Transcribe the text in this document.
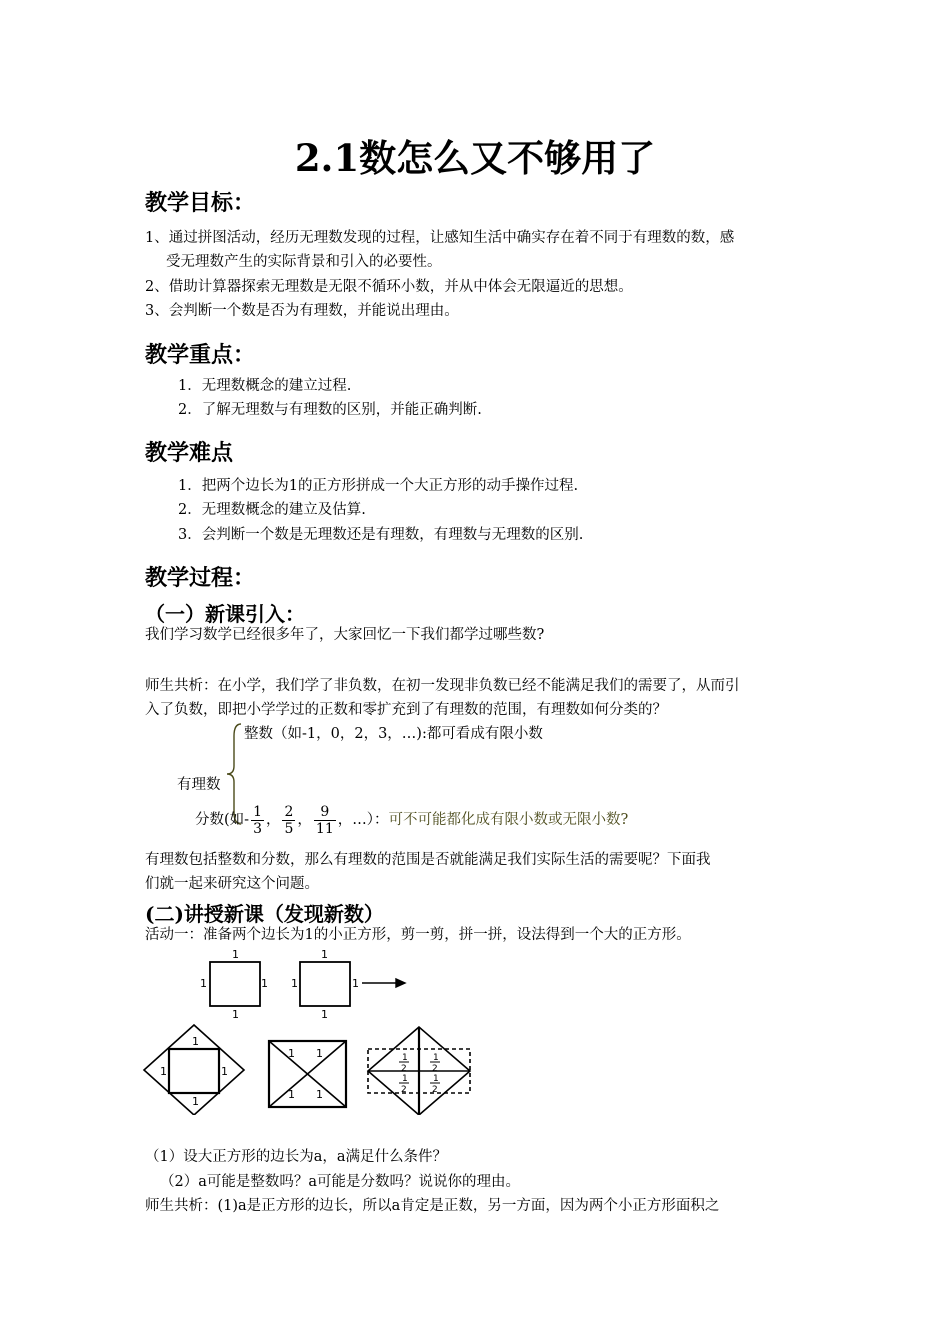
2.1数怎么又不够用了
教学目标：
1、通过拼图活动，经历无理数发现的过程，让感知生活中确实存在着不同于有理数的数，感
受无理数产生的实际背景和引入的必要性。
2、借助计算器探索无理数是无限不循环小数，并从中体会无限逼近的思想。
3、会判断一个数是否为有理数，并能说出理由。
教学重点：
1．无理数概念的建立过程.
2．了解无理数与有理数的区别，并能正确判断.
教学难点
1．把两个边长为1的正方形拼成一个大正方形的动手操作过程.
2．无理数概念的建立及估算.
3．会判断一个数是无理数还是有理数，有理数与无理数的区别.
教学过程：
（一）新课引入：
我们学习数学已经很多年了，大家回忆一下我们都学过哪些数?
师生共析：在小学，我们学了非负数，在初一发现非负数已经不能满足我们的需要了，从而引
入了负数，即把小学学过的正数和零扩充到了有理数的范围，有理数如何分类的？
整数（如-1，0，2，3，…):都可看成有限小数
有理数
分数(如- $\frac{1}{3}$ ， $\frac{2}{5}$ ， $\frac{9}{11}$ ，…）：可不可能都化成有限小数或无限小数?
有理数包括整数和分数，那么有理数的范围是否就能满足我们实际生活的需要呢？下面我
们就一起来研究这个问题。
(二)讲授新课（发现新数）
活动一：准备两个边长为1的小正方形，剪一剪，拼一拼，设法得到一个大的正方形。
1
1
1	1
1
1
1	1
1
1
1	1
1 1
1 1
1
2
1
2
1
2
1
2
（1）设大正方形的边长为a，a满足什么条件？
（2）a可能是整数吗？a可能是分数吗？说说你的理由。
师生共析：(1)a是正方形的边长，所以a肯定是正数，另一方面，因为两个小正方形面积之
